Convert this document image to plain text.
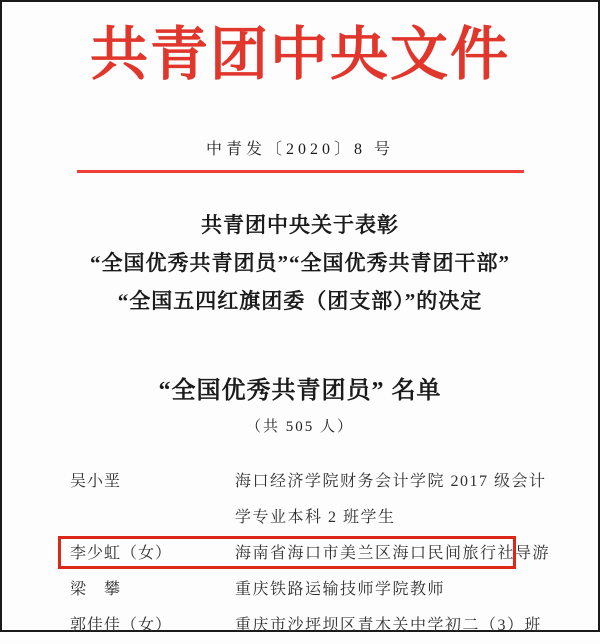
共青团中央文件
中青发〔2020〕8 号
共青团中央关于表彰
“全国优秀共青团员”“全国优秀共青团干部”
“全国五四红旗团委（团支部）”的决定
“全国优秀共青团员” 名单
（共 505 人）
吴小垩	海口经济学院财务会计学院 2017 级会计
学专业本科 2 班学生
李少虹（女）	海南省海口市美兰区海口民间旅行社导游
梁　攀	重庆铁路运输技师学院教师
郭佳佳（女）	重庆市沙坪坝区青木关中学初二（3）班
